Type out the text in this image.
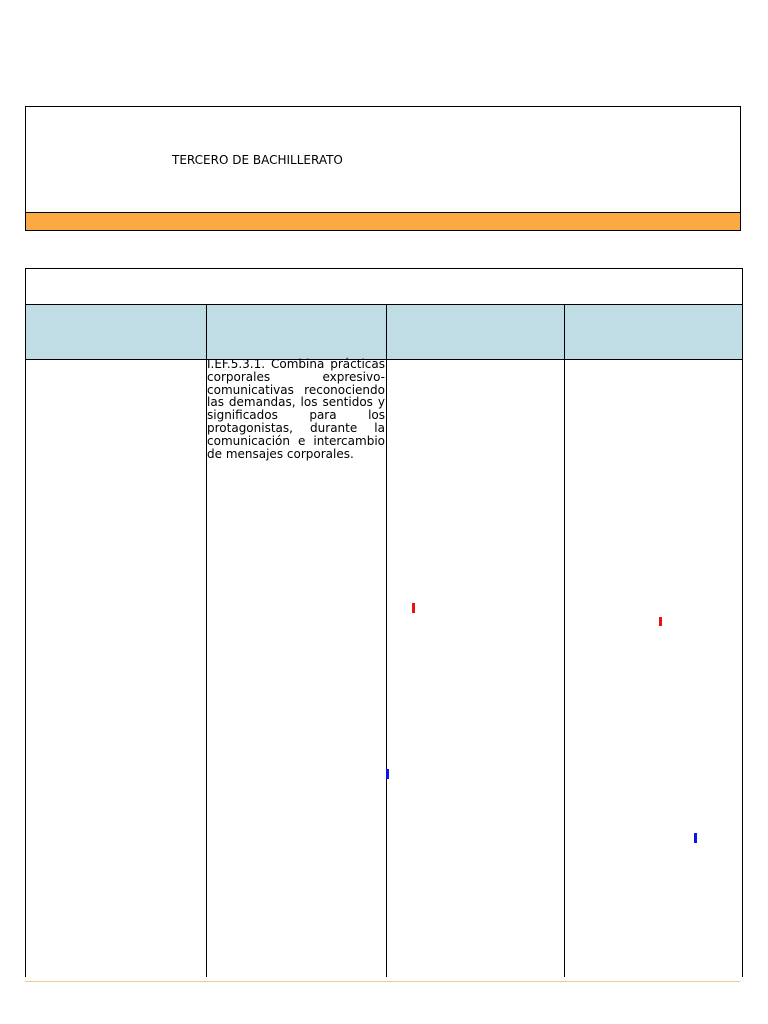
TERCERO DE BACHILLERATO
I.EF.5.3.1. Combina prácticas corporales expresivo-comunicativas reconociendo las demandas, los sentidos y significados para los protagonistas, durante la comunicación e intercambio de mensajes corporales.
